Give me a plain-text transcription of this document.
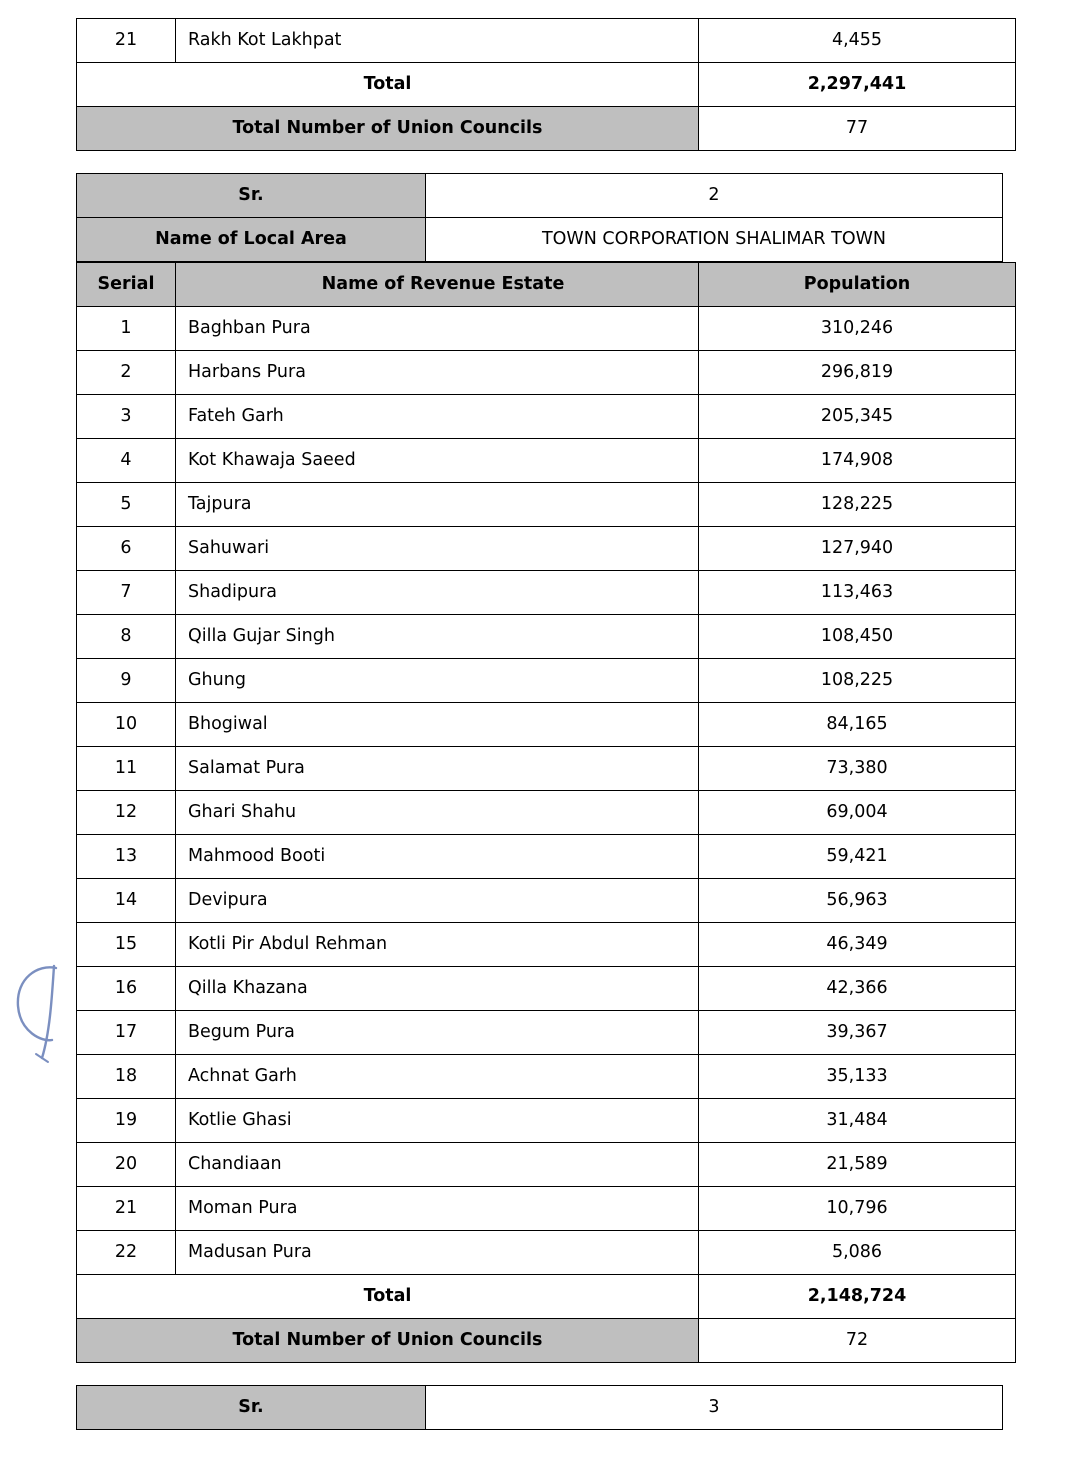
21	Rakh Kot Lakhpat	4,455
Total		2,297,441
Total Number of Union Councils		77
Sr.	2
Name of Local Area	TOWN CORPORATION SHALIMAR TOWN
Serial	Name of Revenue Estate	Population
1	Baghban Pura	310,246
2	Harbans Pura	296,819
3	Fateh Garh	205,345
4	Kot Khawaja Saeed	174,908
5	Tajpura	128,225
6	Sahuwari	127,940
7	Shadipura	113,463
8	Qilla Gujar Singh	108,450
9	Ghung	108,225
10	Bhogiwal	84,165
11	Salamat Pura	73,380
12	Ghari Shahu	69,004
13	Mahmood Booti	59,421
14	Devipura	56,963
15	Kotli Pir Abdul Rehman	46,349
16	Qilla Khazana	42,366
17	Begum Pura	39,367
18	Achnat Garh	35,133
19	Kotlie Ghasi	31,484
20	Chandiaan	21,589
21	Moman Pura	10,796
22	Madusan Pura	5,086
Total		2,148,724
Total Number of Union Councils		72
Sr.	3
